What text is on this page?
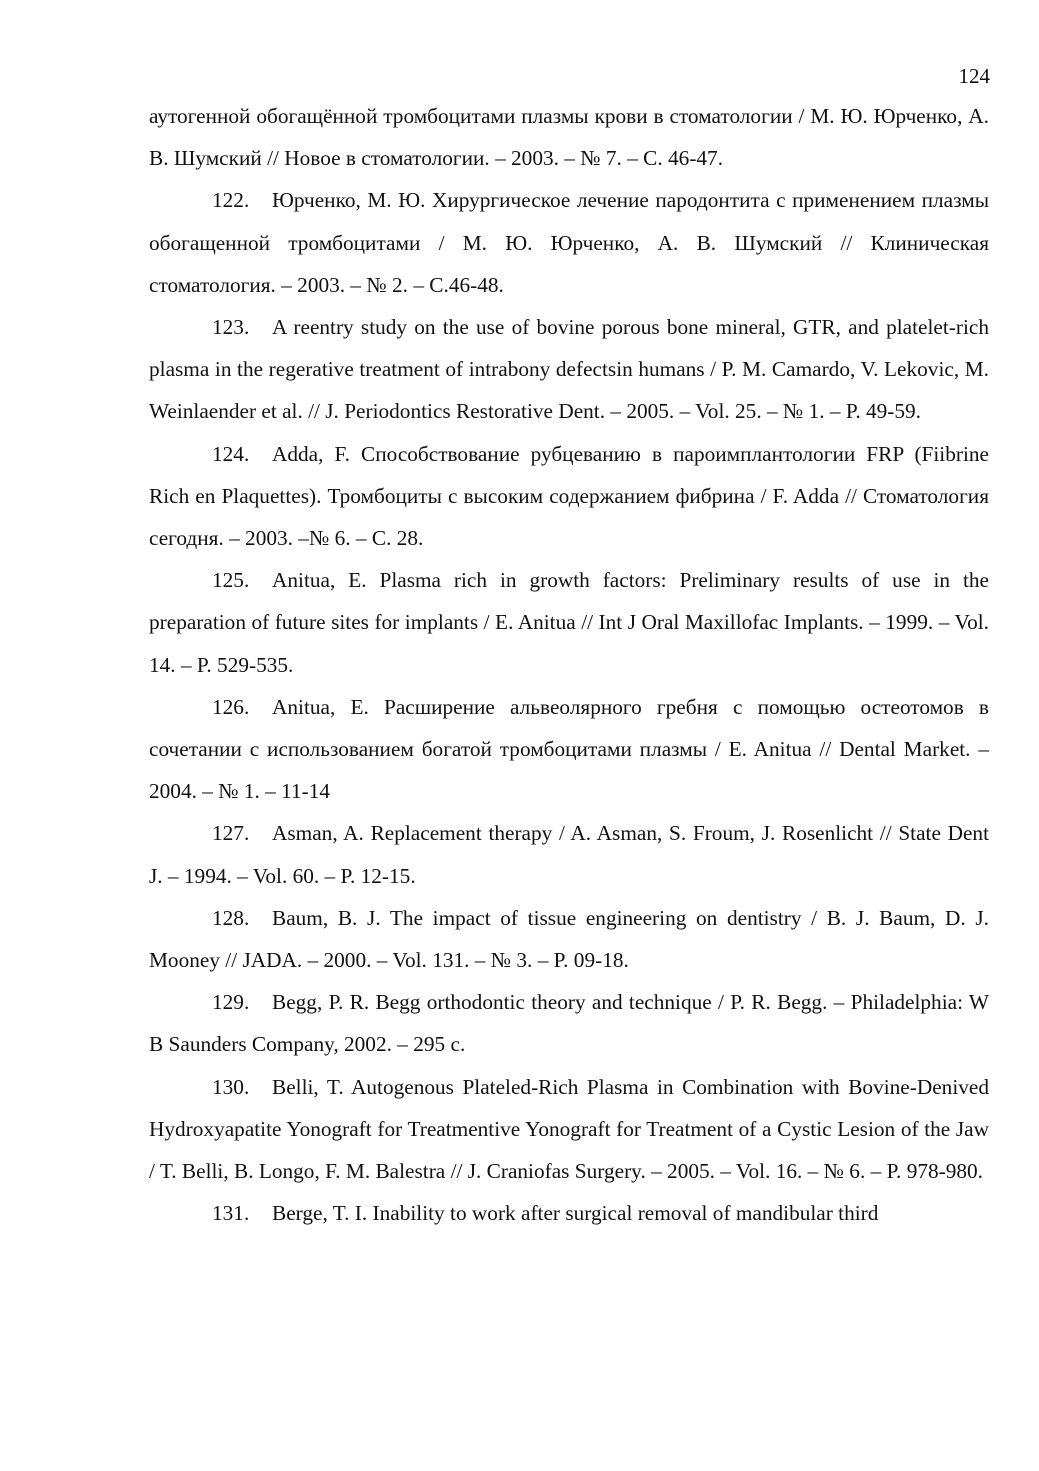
124

аутогенной обогащённой тромбоцитами плазмы крови в стоматологии / М. Ю. Юрченко, А. В. Шумский // Новое в стоматологии. – 2003. – № 7. – С. 46-47.

122. Юрченко, М. Ю. Хирургическое лечение пародонтита с применением плазмы обогащенной тромбоцитами / М. Ю. Юрченко, А. В. Шумский // Клиническая стоматология. – 2003. – № 2. – С.46-48.

123. A reentry study on the use of bovine porous bone mineral, GTR, and platelet-rich plasma in the regerative treatment of intrabony defectsin humans / P. M. Camardo, V. Lekovic, M. Weinlaender et al. // J. Periodontics Restorative Dent. – 2005. – Vol. 25. – № 1. – P. 49-59.

124. Adda, F. Способствование рубцеванию в пароимплантологии FRP (Fiibrine Rich en Plaquettes). Тромбоциты с высоким содержанием фибрина / F. Adda // Стоматология сегодня. – 2003. –№ 6. – С. 28.

125. Anitua, E. Plasma rich in growth factors: Preliminary results of use in the preparation of future sites for implants / E. Anitua // Int J Oral Maxillofac Implants. – 1999. – Vol. 14. – P. 529-535.

126. Anitua, E. Расширение альвеолярного гребня с помощью остеотомов в сочетании с использованием богатой тромбоцитами плазмы / E. Anitua // Dental Market. – 2004. – № 1. – 11-14

127. Asman, A. Replacement therapy / A. Asman, S. Froum, J. Rosenlicht // State Dent J. – 1994. – Vol. 60. – P. 12-15.

128. Baum, B. J. The impact of tissue engineering on dentistry / B. J. Baum, D. J. Mooney // JADA. – 2000. – Vol. 131. – № 3. – P. 09-18.

129. Begg, P. R. Begg orthodontic theory and technique / P. R. Begg. – Philadelphia: W B Saunders Company, 2002. – 295 c.

130. Belli, T. Autogenous Plateled-Rich Plasma in Combination with Bovine-Denived Hydroxyapatite Yonograft for Treatmentive Yonograft for Treatment of a Cystic Lesion of the Jaw / T. Belli, B. Longo, F. M. Balestra // J. Craniofas Surgery. – 2005. – Vol. 16. – № 6. – P. 978-980.

131. Berge, T. I. Inability to work after surgical removal of mandibular third
